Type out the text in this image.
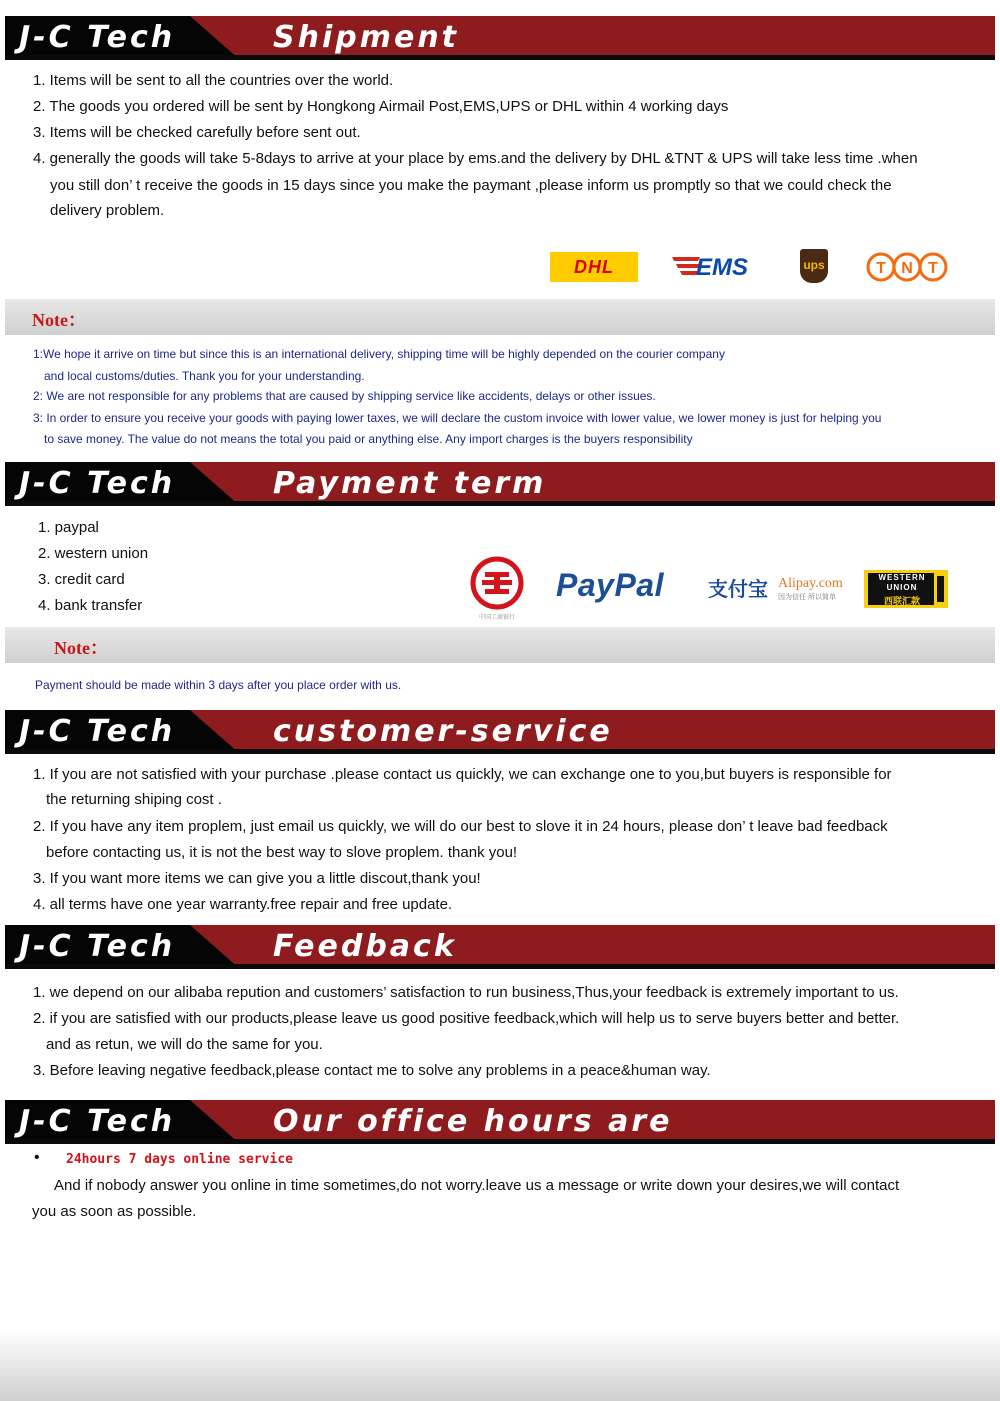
J-C Tech	Shipment
1. Items will be sent to all the countries over the world.
2. The goods you ordered will be sent by Hongkong Airmail Post,EMS,UPS or DHL within 4 working days
3. Items will be checked carefully before sent out.
4. generally the goods will take 5-8days to arrive at your place by ems.and the delivery by DHL &TNT & UPS will take less time .when
you still don’ t receive the goods in 15 days since you make the paymant ,please inform us promptly so that we could check the
delivery problem.
DHL	EMS	ups	T N T
Note：
1:We hope it arrive on time but since this is an international delivery, shipping time will be highly depended on the courier company
and local customs/duties. Thank you for your understanding.
2: We are not responsible for any problems that are caused by shipping service like accidents, delays or other issues.
3: In order to ensure you receive your goods with paying lower taxes, we will declare the custom invoice with lower value, we lower money is just for helping you
to save money. The value do not means the total you paid or anything else. Any import charges is the buyers responsibility
J-C Tech	Payment term
1. paypal
2. western union
3. credit card
4. bank transfer
中国工商银行
PayPal 支付宝 Alipay.com
因为信任 所以简单
WESTERN
UNION
西联汇款
Note：
Payment should be made within 3 days after you place order with us.
J-C Tech	customer-service
1. If you are not satisfied with your purchase .please contact us quickly, we can exchange one to you,but buyers is responsible for
the returning shiping cost .
2. If you have any item proplem, just email us quickly, we will do our best to slove it in 24 hours, please don’ t leave bad feedback
before contacting us, it is not the best way to slove proplem. thank you!
3. If you want more items we can give you a little discout,thank you!
4. all terms have one year warranty.free repair and free update.
J-C Tech	Feedback
1. we depend on our alibaba repution and customers’ satisfaction to run business,Thus,your feedback is extremely important to us.
2. if you are satisfied with our products,please leave us good positive feedback,which will help us to serve buyers better and better.
and as retun, we will do the same for you.
3. Before leaving negative feedback,please contact me to solve any problems in a peace&human way.
J-C Tech	Our office hours are
• 24hours 7 days online service
And if nobody answer you online in time sometimes,do not worry.leave us a message or write down your desires,we will contact
you as soon as possible.
